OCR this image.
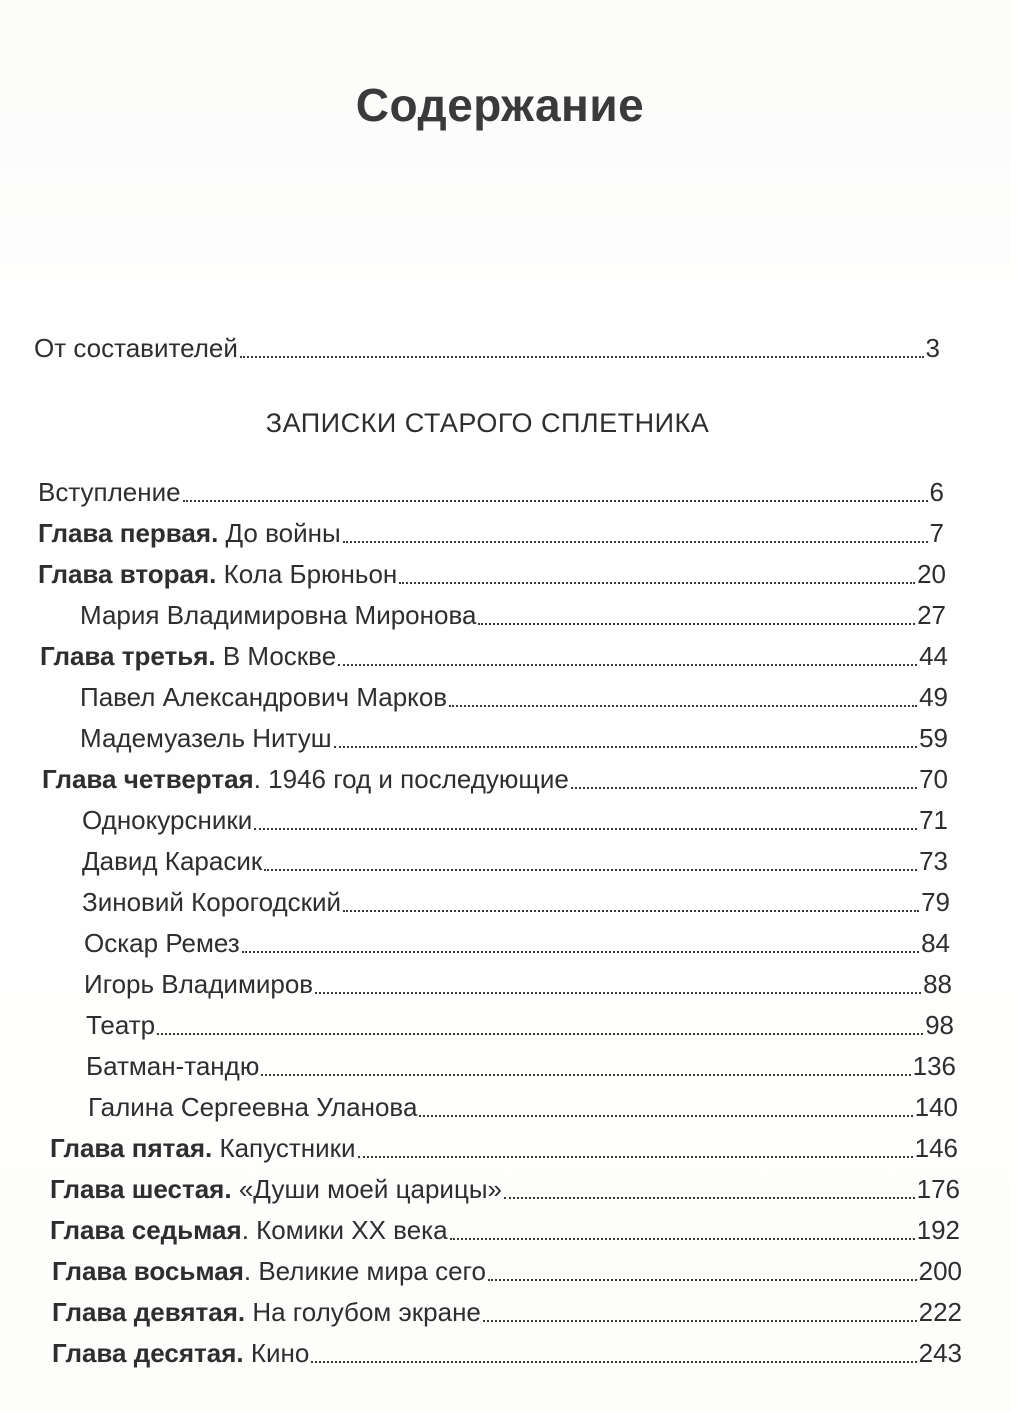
Содержание
ЗАПИСКИ СТАРОГО СПЛЕТНИКА
От составителей	3
Вступление	6
Глава первая. До войны	7
Глава вторая. Кола Брюньон	20
Мария Владимировна Миронова	27
Глава третья. В Москве	44
Павел Александрович Марков	49
Мадемуазель Нитуш	59
Глава четвертая. 1946 год и последующие	70
Однокурсники	71
Давид Карасик	73
Зиновий Корогодский	79
Оскар Ремез	84
Игорь Владимиров	88
Театр	98
Батман-тандю	136
Галина Сергеевна Уланова	140
Глава пятая. Капустники	146
Глава шестая. «Души моей царицы»	176
Глава седьмая. Комики XX века	192
Глава восьмая. Великие мира сего	200
Глава девятая. На голубом экране	222
Глава десятая. Кино	243
